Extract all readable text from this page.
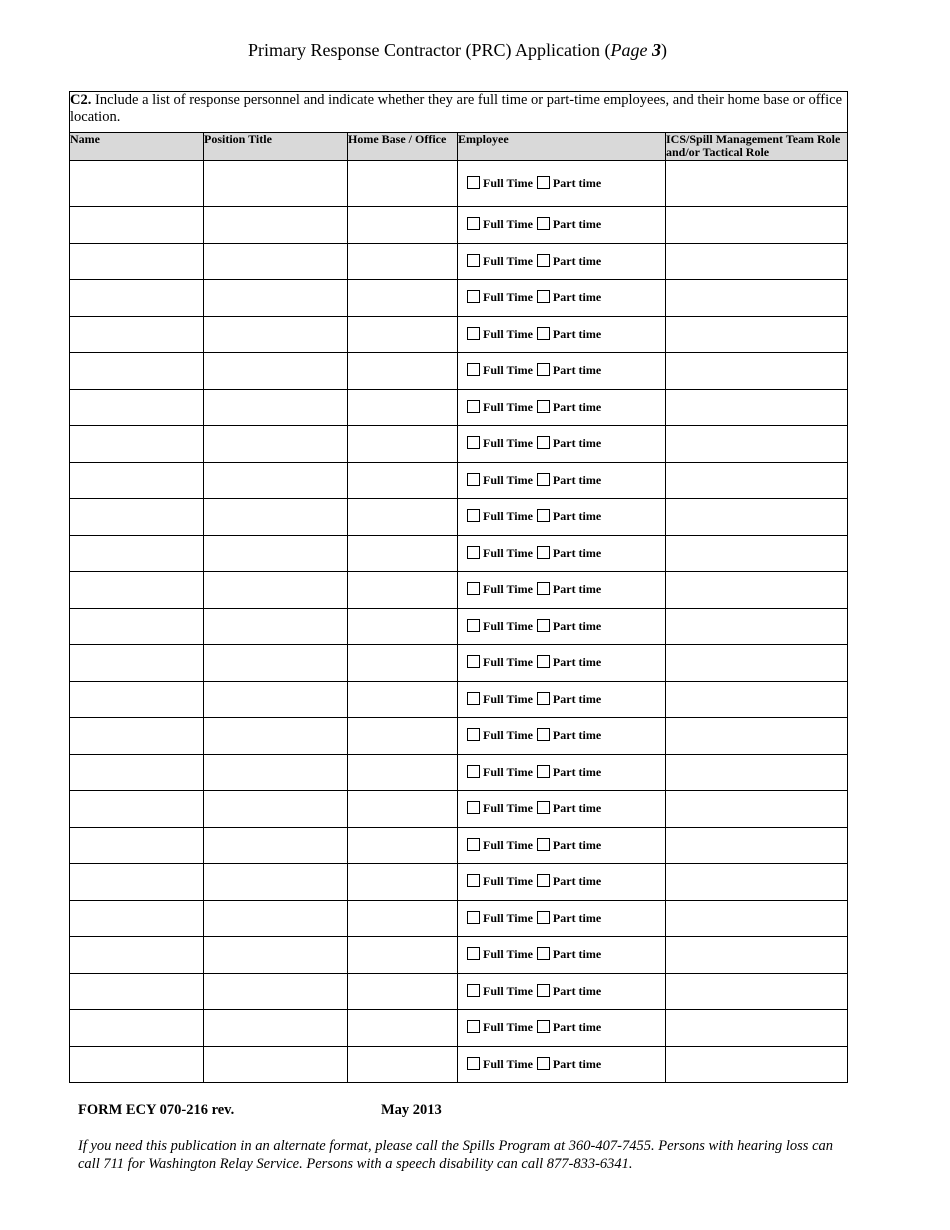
Primary Response Contractor (PRC) Application (Page 3)
C2. Include a list of response personnel and indicate whether they are full time or part-time employees, and their home base or office location.				
Name	Position Title	Home Base / Office	Employee	ICS/Spill Management Team Role and/or Tactical Role
			Full Time Part time	
			Full Time Part time	
			Full Time Part time	
			Full Time Part time	
			Full Time Part time	
			Full Time Part time	
			Full Time Part time	
			Full Time Part time	
			Full Time Part time	
			Full Time Part time	
			Full Time Part time	
			Full Time Part time	
			Full Time Part time	
			Full Time Part time	
			Full Time Part time	
			Full Time Part time	
			Full Time Part time	
			Full Time Part time	
			Full Time Part time	
			Full Time Part time	
			Full Time Part time	
			Full Time Part time	
			Full Time Part time	
			Full Time Part time	
			Full Time Part time	
FORM ECY 070-216 rev.	May 2013
If you need this publication in an alternate format, please call the Spills Program at 360-407-7455. Persons with hearing loss can call 711 for Washington Relay Service. Persons with a speech disability can call 877-833-6341.
